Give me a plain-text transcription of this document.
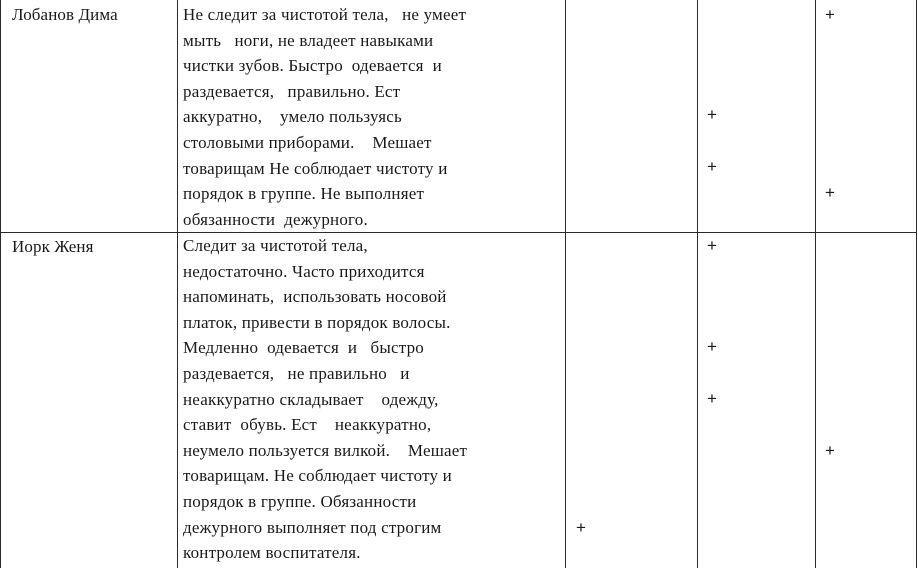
Лобанов Дима	Не следит за чистотой тела,   не умеет
мыть   ноги, не владеет навыками
чистки зубов. Быстро  одевается  и
раздевается,   правильно. Ест
аккуратно,    умело пользуясь
столовыми приборами.    Мешает
товарищам Не соблюдает чистоту и
порядок в группе. Не выполняет
обязанности  дежурного.
+
+
+
+
Иорк Женя	Следит за чистотой тела,
недостаточно. Часто приходится
напоминать,  использовать носовой
платок, привести в порядок волосы.
Медленно  одевается  и   быстро
раздевается,   не правильно   и
неаккуратно складывает    одежду,
ставит  обувь. Ест    неаккуратно,
неумело пользуется вилкой.    Мешает
товарищам. Не соблюдает чистоту и
порядок в группе. Обязанности
дежурного выполняет под строгим
контролем воспитателя.
+
+
+
+
+
